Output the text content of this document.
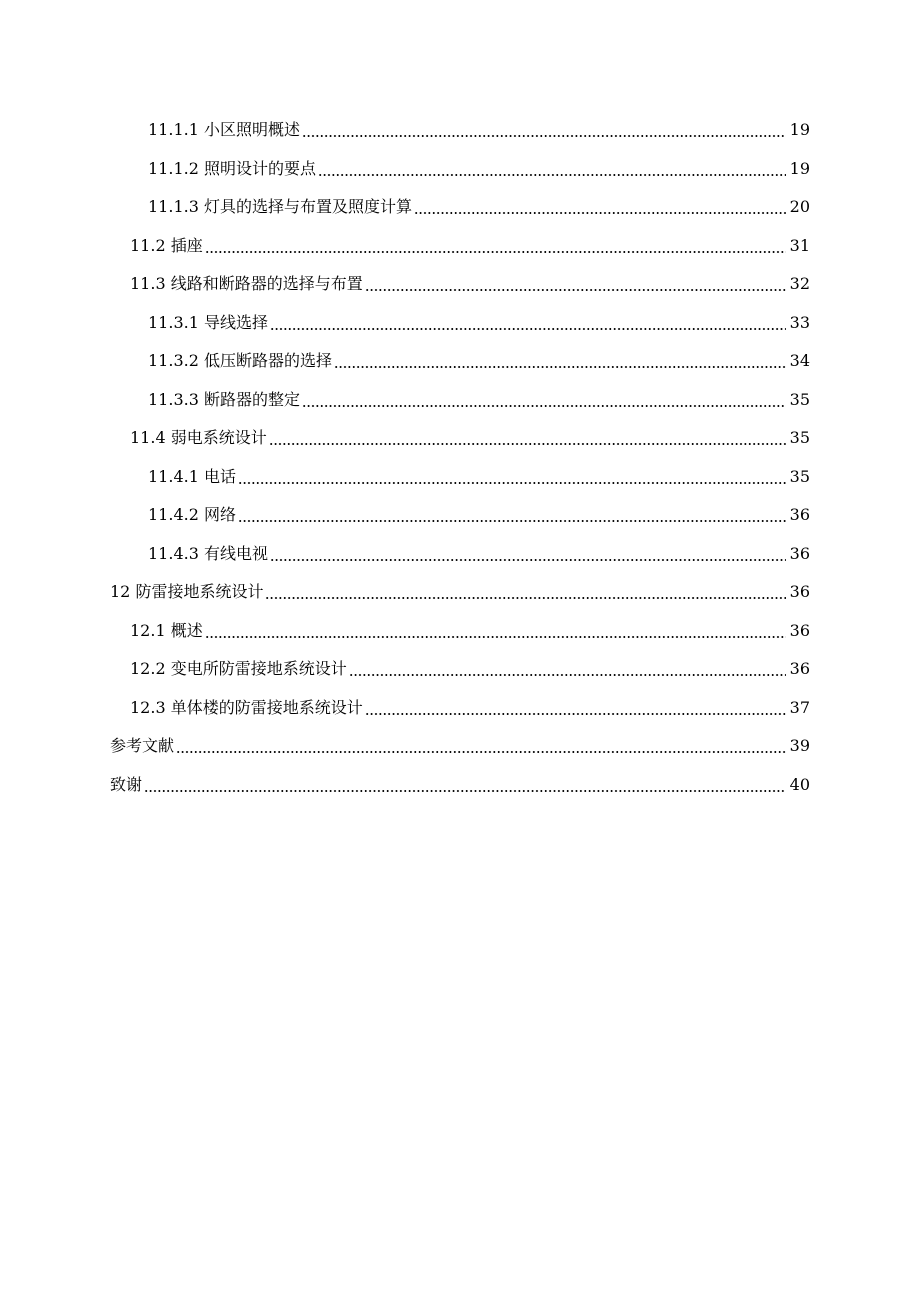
11.1.1 小区照明概述	19
11.1.2 照明设计的要点	19
11.1.3 灯具的选择与布置及照度计算	20
11.2 插座	31
11.3 线路和断路器的选择与布置	32
11.3.1 导线选择	33
11.3.2 低压断路器的选择	34
11.3.3 断路器的整定	35
11.4 弱电系统设计	35
11.4.1 电话	35
11.4.2 网络	36
11.4.3 有线电视	36
12 防雷接地系统设计	36
12.1 概述	36
12.2 变电所防雷接地系统设计	36
12.3 单体楼的防雷接地系统设计	37
参考文献	39
致谢	40
